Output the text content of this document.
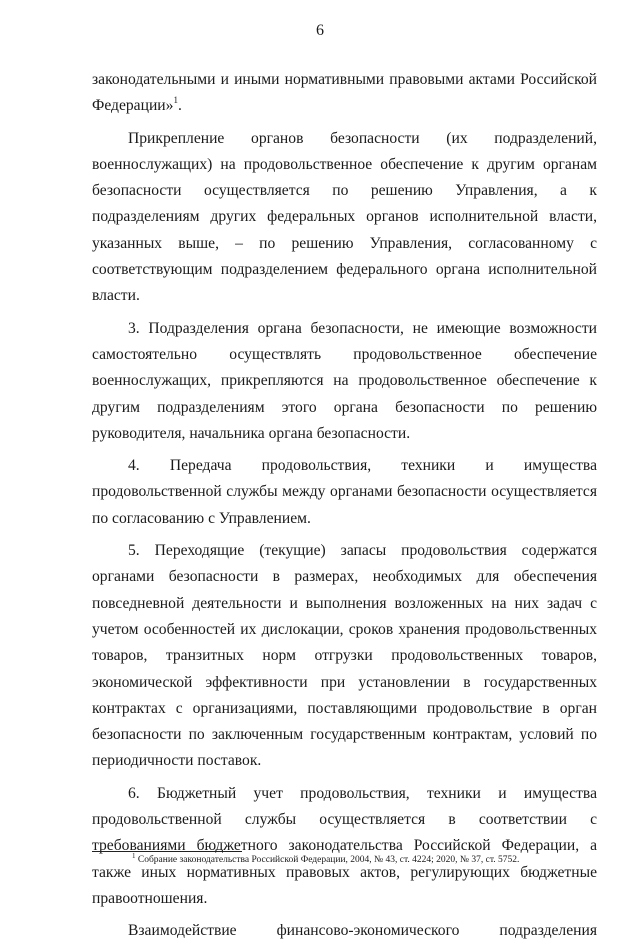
6

законодательными и иными нормативными правовыми актами Российской Федерации»$^1$.

Прикрепление органов безопасности (их подразделений, военнослужащих) на продовольственное обеспечение к другим органам безопасности осуществляется по решению Управления, а к подразделениям других федеральных органов исполнительной власти, указанных выше, – по решению Управления, согласованному с соответствующим подразделением федерального органа исполнительной власти.

3. Подразделения органа безопасности, не имеющие возможности самостоятельно осуществлять продовольственное обеспечение военнослужащих, прикрепляются на продовольственное обеспечение к другим подразделениям этого органа безопасности по решению руководителя, начальника органа безопасности.

4. Передача продовольствия, техники и имущества продовольственной службы между органами безопасности осуществляется по согласованию с Управлением.

5. Переходящие (текущие) запасы продовольствия содержатся органами безопасности в размерах, необходимых для обеспечения повседневной деятельности и выполнения возложенных на них задач с учетом особенностей их дислокации, сроков хранения продовольственных товаров, транзитных норм отгрузки продовольственных товаров, экономической эффективности при установлении в государственных контрактах с организациями, поставляющими продовольствие в орган безопасности по заключенным государственным контрактам, условий по периодичности поставок.

6. Бюджетный учет продовольствия, техники и имущества продовольственной службы осуществляется в соответствии с требованиями бюджетного законодательства Российской Федерации, а также иных нормативных правовых актов, регулирующих бюджетные правоотношения.

Взаимодействие финансово-экономического подразделения

$^1$ Собрание законодательства Российской Федерации, 2004, № 43, ст. 4224; 2020, № 37, ст. 5752.
